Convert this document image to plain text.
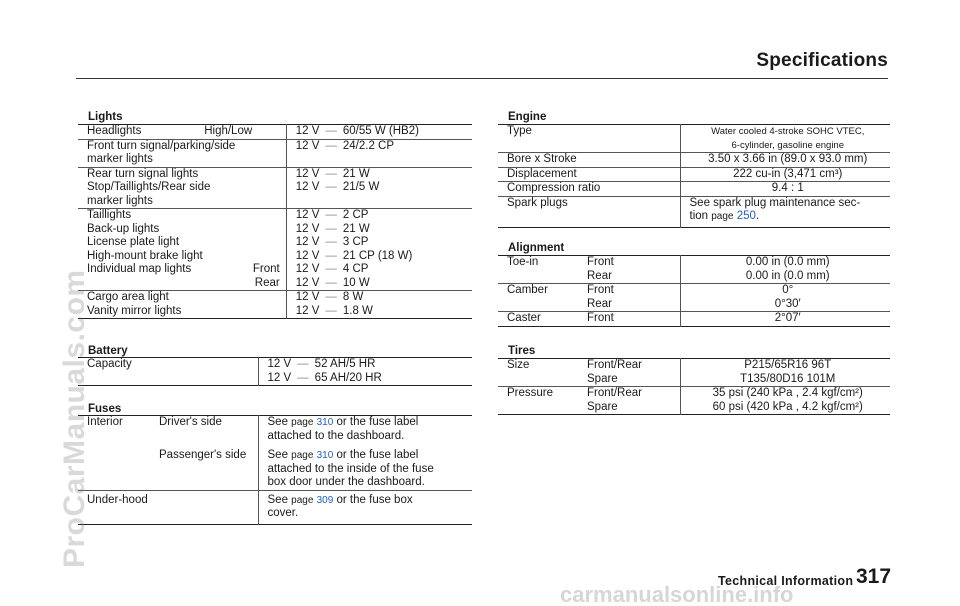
Specifications
Lights
Headlights	High/Low	12 V — 60/55 W (HB2)
Front turn signal/parking/side		12 V — 24/2.2 CP
marker lights		
Rear turn signal lights		12 V — 21 W
Stop/Taillights/Rear side		12 V — 21/5 W
marker lights		
Taillights		12 V — 2 CP
Back-up lights		12 V — 21 W
License plate light		12 V — 3 CP
High-mount brake light		12 V — 21 CP (18 W)
Individual map lights	Front	12 V — 4 CP
	Rear	12 V — 10 W
Cargo area light		12 V — 8 W
Vanity mirror lights		12 V — 1.8 W
Battery
Capacity	12 V — 52 AH/5 HR
	12 V — 65 AH/20 HR
Fuses
Interior	Driver's side	See page 310 or the fuse label
		attached to the dashboard.
	Passenger's side	See page 310 or the fuse label
		attached to the inside of the fuse
		box door under the dashboard.
Under-hood		See page 309 or the fuse box
		cover.
Engine
Type	Water cooled 4-stroke SOHC VTEC,
	6-cylinder, gasoline engine
Bore x Stroke	3.50 x 3.66 in (89.0 x 93.0 mm)
Displacement	222 cu-in (3,471 cm³)
Compression ratio	9.4 : 1
Spark plugs	See spark plug maintenance sec-
	tion page 250.
Alignment
Toe-in	Front	0.00 in (0.0 mm)
	Rear	0.00 in (0.0 mm)
Camber	Front	0°
	Rear	0°30′
Caster	Front	2°07′
Tires
Size	Front/Rear	P215/65R16 96T
	Spare	T135/80D16 101M
Pressure	Front/Rear	35 psi (240 kPa , 2.4 kgf/cm²)
	Spare	60 psi (420 kPa , 4.2 kgf/cm²)
Technical Information 317
ProCarManuals.com
carmanualsonline.info
